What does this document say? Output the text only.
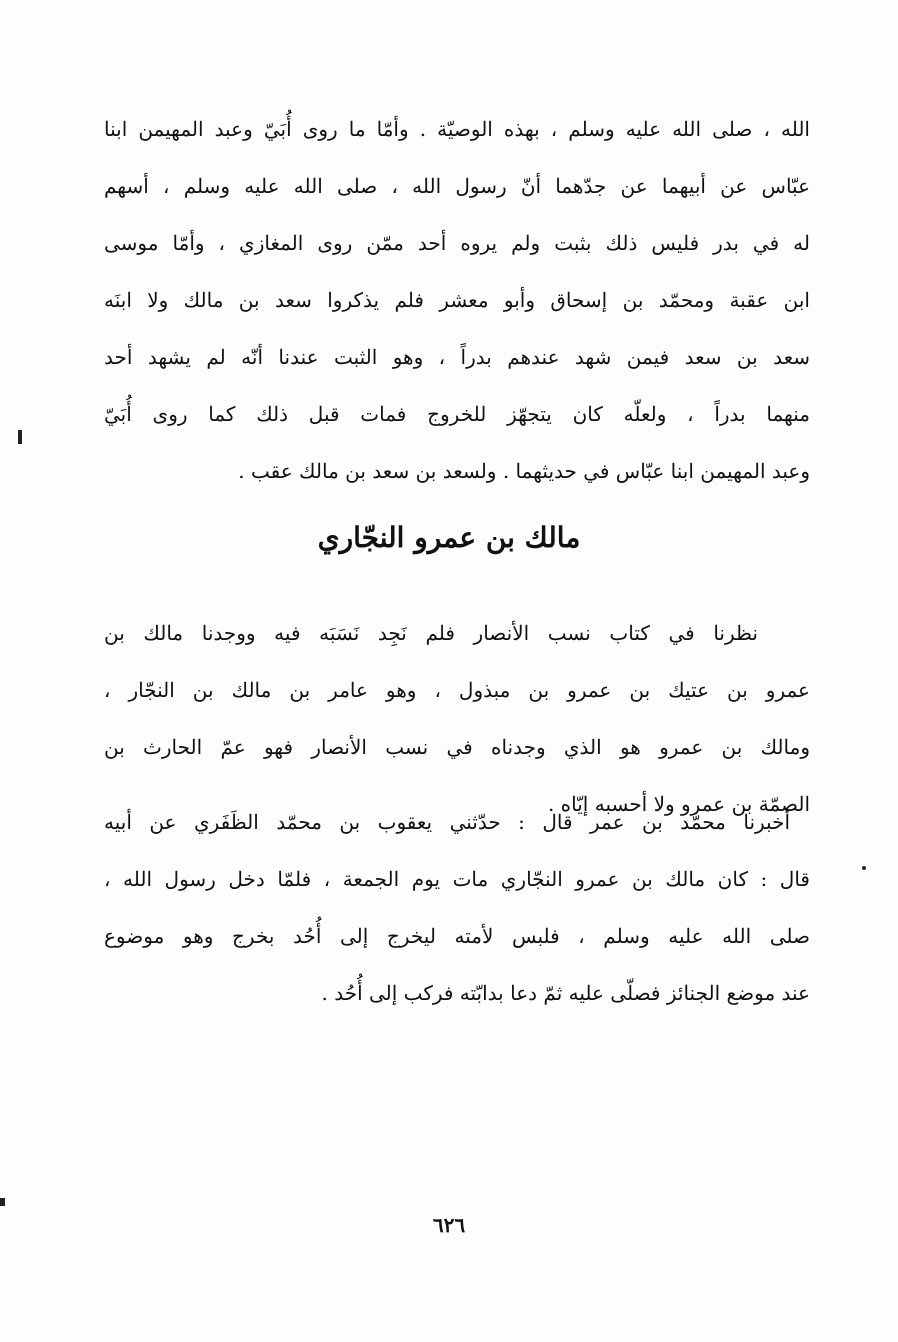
الله ، صلى الله عليه وسلم ، بهذه الوصيّة . وأمّا ما روى أُبَيّ وعبد المهيمن ابنا
عبّاس عن أبيهما عن جدّهما أنّ رسول الله ، صلى الله عليه وسلم ، أسهم
له في بدر فليس ذلك بثبت ولم يروه أحد ممّن روى المغازي ، وأمّا موسى
ابن عقبة ومحمّد بن إسحاق وأبو معشر فلم يذكروا سعد بن مالك ولا ابنَه
سعد بن سعد فيمن شهد عندهم بدراً ، وهو الثبت عندنا أنّه لم يشهد أحد
منهما بدراً ، ولعلّه كان يتجهّز للخروج فمات قبل ذلك كما روى أُبَيّ
وعبد المهيمن ابنا عبّاس في حديثهما . ولسعد بن سعد بن مالك عقب .
مالك بن عمرو النجّاري
نظرنا في كتاب نسب الأنصار فلم نَجِد نَسَبَه فيه ووجدنا مالك بن
عمرو بن عتيك بن عمرو بن مبذول ، وهو عامر بن مالك بن النجّار ،
ومالك بن عمرو هو الذي وجدناه في نسب الأنصار فهو عمّ الحارث بن
الصمّة بن عمرو ولا أحسبه إيّاه .
أخبرنا محمّد بن عمر قال : حدّثني يعقوب بن محمّد الظَفَري عن أبيه
قال : كان مالك بن عمرو النجّاري مات يوم الجمعة ، فلمّا دخل رسول الله ،
صلى الله عليه وسلم ، فلبس لأمته ليخرج إلى أُحُد بخرج وهو موضوع
عند موضع الجنائز فصلّى عليه ثمّ دعا بدابّته فركب إلى أُحُد .
٦٢٦
